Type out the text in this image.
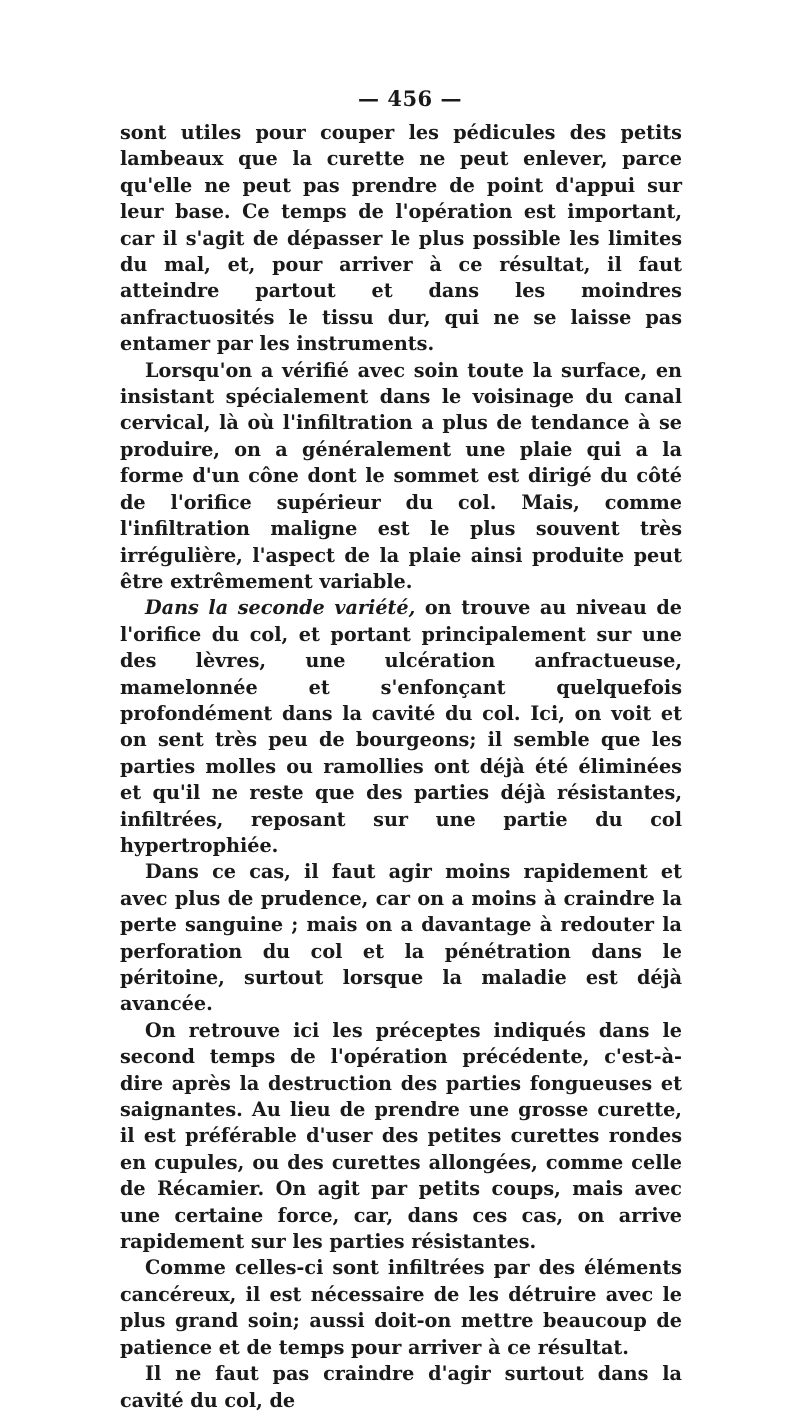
— 456 —

sont utiles pour couper les pédicules des petits lambeaux que la curette ne peut enlever, parce qu'elle ne peut pas prendre de point d'appui sur leur base. Ce temps de l'opération est important, car il s'agit de dépasser le plus possible les limites du mal, et, pour arriver à ce résultat, il faut atteindre partout et dans les moindres anfractuosités le tissu dur, qui ne se laisse pas entamer par les instruments.

Lorsqu'on a vérifié avec soin toute la surface, en insistant spécialement dans le voisinage du canal cervical, là où l'infiltration a plus de tendance à se produire, on a généralement une plaie qui a la forme d'un cône dont le sommet est dirigé du côté de l'orifice supérieur du col. Mais, comme l'infiltration maligne est le plus souvent très irrégulière, l'aspect de la plaie ainsi produite peut être extrêmement variable.

Dans la seconde variété, on trouve au niveau de l'orifice du col, et portant principalement sur une des lèvres, une ulcération anfractueuse, mamelonnée et s'enfonçant quelquefois profondément dans la cavité du col. Ici, on voit et on sent très peu de bourgeons; il semble que les parties molles ou ramollies ont déjà été éliminées et qu'il ne reste que des parties déjà résistantes, infiltrées, reposant sur une partie du col hypertrophiée.

Dans ce cas, il faut agir moins rapidement et avec plus de prudence, car on a moins à craindre la perte sanguine ; mais on a davantage à redouter la perforation du col et la pénétration dans le péritoine, surtout lorsque la maladie est déjà avancée.

On retrouve ici les préceptes indiqués dans le second temps de l'opération précédente, c'est-à-dire après la destruction des parties fongueuses et saignantes. Au lieu de prendre une grosse curette, il est préférable d'user des petites curettes rondes en cupules, ou des curettes allongées, comme celle de Récamier. On agit par petits coups, mais avec une certaine force, car, dans ces cas, on arrive rapidement sur les parties résistantes.

Comme celles-ci sont infiltrées par des éléments cancéreux, il est nécessaire de les détruire avec le plus grand soin; aussi doit-on mettre beaucoup de patience et de temps pour arriver à ce résultat.

Il ne faut pas craindre d'agir surtout dans la cavité du col, de
